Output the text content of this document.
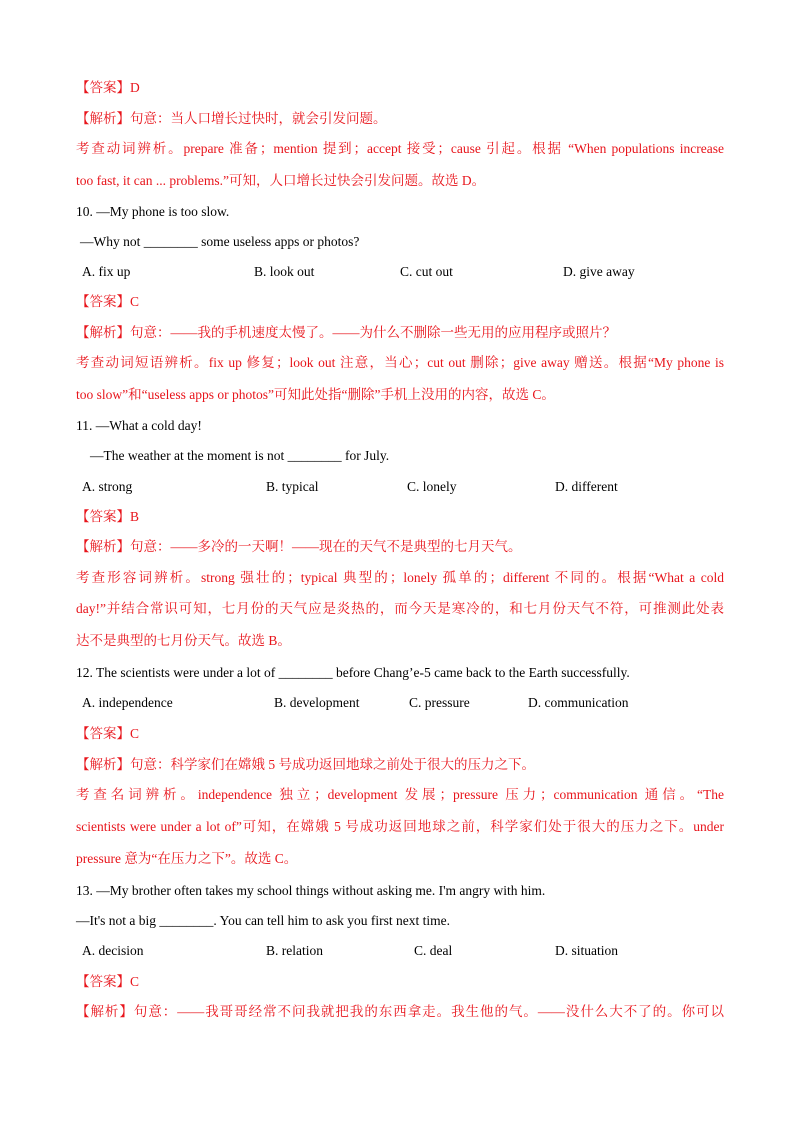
【答案】D
【解析】句意：当人口增长过快时，就会引发问题。
考查动词辨析。prepare 准备；mention 提到；accept 接受；cause 引起。根据 “When populations increase
too fast, it can ... problems.”可知，人口增长过快会引发问题。故选 D。
10. —My phone is too slow.
—Why not ________ some useless apps or photos?
A. fix up	B. look out	C. cut out	D. give away
【答案】C
【解析】句意：——我的手机速度太慢了。——为什么不删除一些无用的应用程序或照片？
考查动词短语辨析。fix up 修复；look out 注意，当心；cut out 删除；give away 赠送。根据“My phone is
too slow”和“useless apps or photos”可知此处指“删除”手机上没用的内容，故选 C。
11. —What a cold day!
—The weather at the moment is not ________ for July.
A. strong	B. typical	C. lonely	D. different
【答案】B
【解析】句意：——多冷的一天啊！——现在的天气不是典型的七月天气。
考查形容词辨析。strong 强壮的；typical 典型的；lonely 孤单的；different 不同的。根据“What a cold
day!”并结合常识可知，七月份的天气应是炎热的，而今天是寒冷的，和七月份天气不符，可推测此处表
达不是典型的七月份天气。故选 B。
12. The scientists were under a lot of ________ before Chang’e-5 came back to the Earth successfully.
A. independence	B. development	C. pressure	D. communication
【答案】C
【解析】句意：科学家们在嫦娥 5 号成功返回地球之前处于很大的压力之下。
考查名词辨析。independence 独立；development 发展；pressure 压力；communication 通信。“The
scientists were under a lot of”可知，在嫦娥 5 号成功返回地球之前，科学家们处于很大的压力之下。under
pressure 意为“在压力之下”。故选 C。
13. —My brother often takes my school things without asking me. I'm angry with him.
—It's not a big ________. You can tell him to ask you first next time.
A. decision	B. relation	C. deal	D. situation
【答案】C
【解析】句意：——我哥哥经常不问我就把我的东西拿走。我生他的气。——没什么大不了的。你可以
